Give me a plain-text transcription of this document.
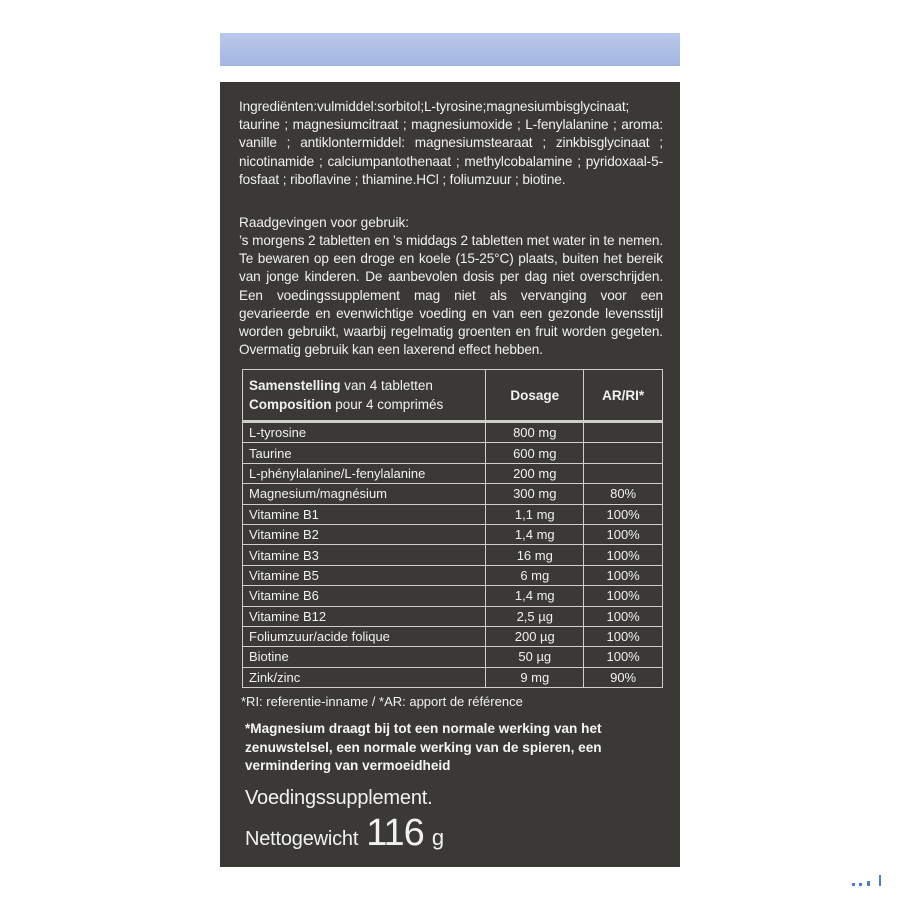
Ingrediënten:vulmiddel:sorbitol;L-tyrosine;magnesiumbisglycinaat; taurine ; magnesiumcitraat ; magnesiumoxide ; L-fenylalanine ; aroma: vanille ; antiklontermiddel: magnesiumstearaat ; zinkbisglycinaat ; nicotinamide ; calciumpantothenaat ; methylcobalamine ; pyridoxaal-5-fosfaat ; riboflavine ; thiamine.HCl ; foliumzuur ; biotine.
Raadgevingen voor gebruik:
’s morgens 2 tabletten en ’s middags 2 tabletten met water in te nemen. Te bewaren op een droge en koele (15-25°C) plaats, buiten het bereik van jonge kinderen. De aanbevolen dosis per dag niet overschrijden. Een voedingssupplement mag niet als vervanging voor een gevarieerde en evenwichtige voeding en van een gezonde levensstijl worden gebruikt, waarbij regelmatig groenten en fruit worden gegeten. Overmatig gebruik kan een laxerend effect hebben.
Samenstelling van 4 tabletten
Composition pour 4 comprimés	Dosage	AR/RI*
L-tyrosine	800 mg	
Taurine	600 mg	
L-phénylalanine/L-fenylalanine	200 mg	
Magnesium/magnésium	300 mg	80%
Vitamine B1	1,1 mg	100%
Vitamine B2	1,4 mg	100%
Vitamine B3	16 mg	100%
Vitamine B5	6 mg	100%
Vitamine B6	1,4 mg	100%
Vitamine B12	2,5 µg	100%
Foliumzuur/acide folique	200 µg	100%
Biotine	50 µg	100%
Zink/zinc	9 mg	90%
*RI: referentie-inname / *AR: apport de référence
*Magnesium draagt bij tot een normale werking van het zenuwstelsel, een normale werking van de spieren, een vermindering van vermoeidheid
Voedingssupplement.
Nettogewicht 116 g
